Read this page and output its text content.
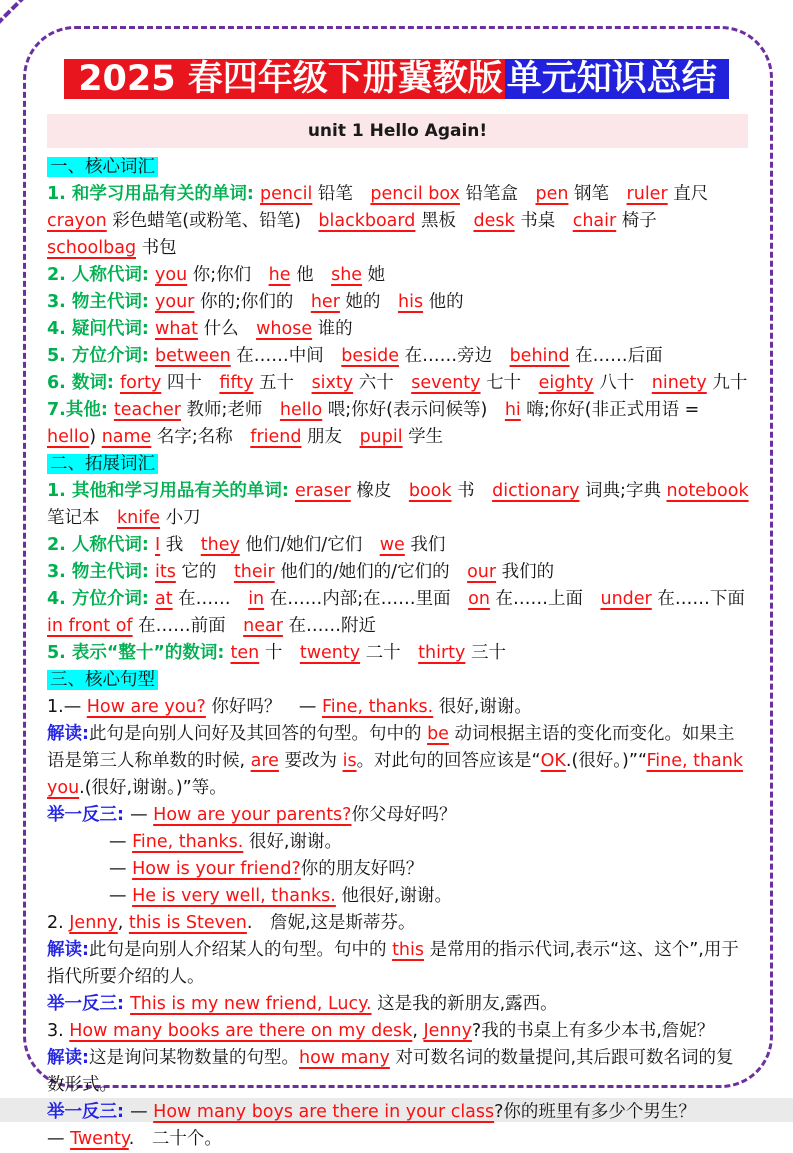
2025 春四年级下册冀教版 单元知识总结
unit 1 Hello Again!

一、核心词汇

1. 和学习用品有关的单词: pencil 铅笔　pencil box 铅笔盒　pen 钢笔　ruler 直尺 crayon 彩色蜡笔(或粉笔、铅笔)　blackboard 黑板　desk 书桌　chair 椅子 schoolbag 书包

2. 人称代词: you 你;你们　he 他　she 她

3. 物主代词: your 你的;你们的　her 她的　his 他的

4. 疑问代词: what 什么　whose 谁的

5. 方位介词: between 在……中间　beside 在……旁边　behind 在……后面

6. 数词: forty 四十　fifty 五十　sixty 六十　seventy 七十　eighty 八十　ninety 九十

7.其他: teacher 教师;老师　hello 喂;你好(表示问候等)　hi 嗨;你好(非正式用语 = hello) name 名字;名称　friend 朋友　pupil 学生

二、拓展词汇

1. 其他和学习用品有关的单词: eraser 橡皮　book 书　dictionary 词典;字典 notebook 笔记本　knife 小刀

2. 人称代词: I 我　they 他们/她们/它们　we 我们

3. 物主代词: its 它的　their 他们的/她们的/它们的　our 我们的

4. 方位介词: at 在……　in 在……内部;在……里面　on 在……上面　under 在……下面 in front of 在……前面　near 在……附近

5. 表示“整十”的数词: ten 十　twenty 二十　thirty 三十

三、核心句型

1.— How are you? 你好吗？　— Fine, thanks. 很好,谢谢。

解读:此句是向别人问好及其回答的句型。句中的 be 动词根据主语的变化而变化。如果主语是第三人称单数的时候, are 要改为 is。对此句的回答应该是“OK.(很好。)”“Fine, thank you.(很好,谢谢。)”等。

举一反三: — How are your parents?你父母好吗？

— Fine, thanks. 很好,谢谢。

— How is your friend?你的朋友好吗？

— He is very well, thanks. 他很好,谢谢。

2. Jenny, this is Steven.　詹妮,这是斯蒂芬。

解读:此句是向别人介绍某人的句型。句中的 this 是常用的指示代词,表示“这、这个”,用于指代所要介绍的人。

举一反三: This is my new friend, Lucy. 这是我的新朋友,露西。

3. How many books are there on my desk, Jenny?我的书桌上有多少本书,詹妮？

解读:这是询问某物数量的句型。how many 对可数名词的数量提问,其后跟可数名词的复数形式。

举一反三: — How many boys are there in your class?你的班里有多少个男生？

— Twenty.　二十个。
